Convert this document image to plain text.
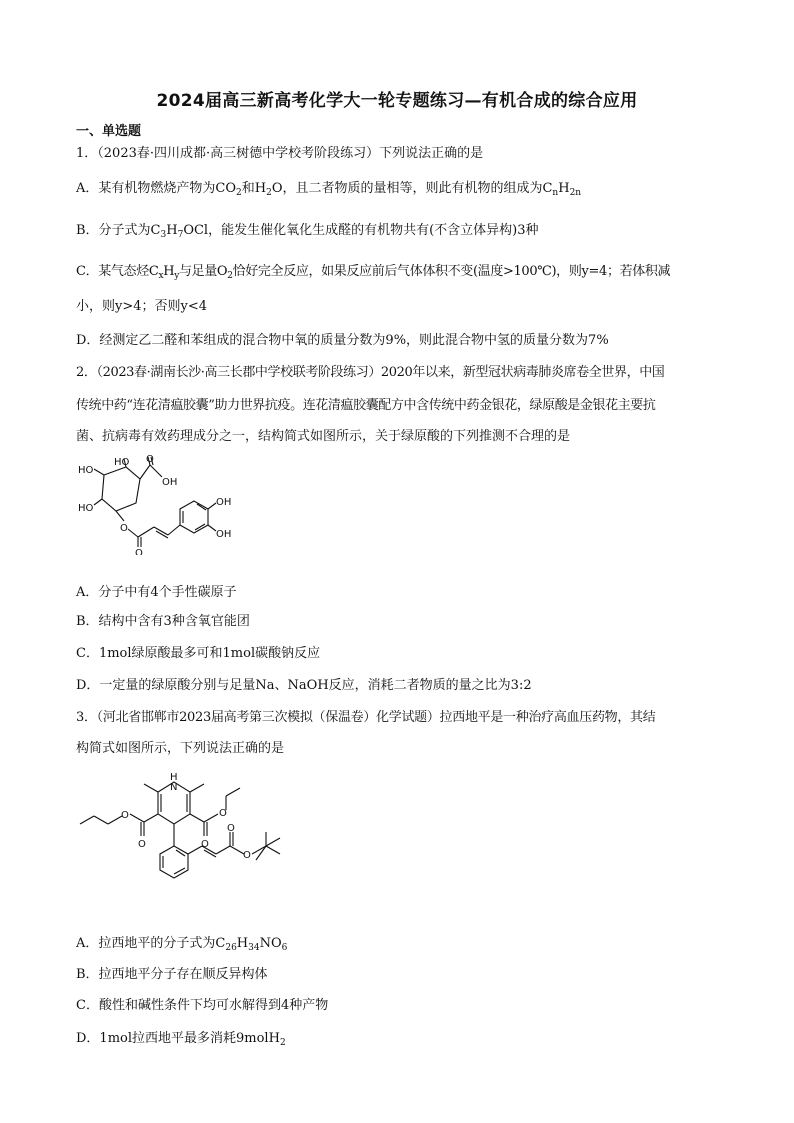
2024届高三新高考化学大一轮专题练习—有机合成的综合应用
一、单选题
1．（2023春·四川成都·高三树德中学校考阶段练习）下列说法正确的是
A．某有机物燃烧产物为$CO_2$和$H_2O$，且二者物质的量相等，则此有机物的组成为$C_nH_{2n}$
B．分子式为$C_3H_7OCl$，能发生催化氧化生成醛的有机物共有(不含立体异构)3种
C．某气态烃$C_xH_y$与足量$O_2$恰好完全反应，如果反应前后气体体积不变(温度>100℃)，则y=4；若体积减
小，则y>4；否则y<4
D．经测定乙二醛和苯组成的混合物中氧的质量分数为9%，则此混合物中氢的质量分数为7%
2．（2023春·湖南长沙·高三长郡中学校联考阶段练习）2020年以来，新型冠状病毒肺炎席卷全世界，中国
传统中药“连花清瘟胶囊”助力世界抗疫。连花清瘟胶囊配方中含传统中药金银花，绿原酸是金银花主要抗
菌、抗病毒有效药理成分之一，结构简式如图所示，关于绿原酸的下列推测不合理的是
HO O
OH
HO
HO
O
O
OH
OH
A．分子中有4个手性碳原子
B．结构中含有3种含氧官能团
C．1mol绿原酸最多可和1mol碳酸钠反应
D．一定量的绿原酸分别与足量Na、NaOH反应，消耗二者物质的量之比为3:2
3．（河北省邯郸市2023届高考第三次模拟（保温卷）化学试题）拉西地平是一种治疗高血压药物，其结
构简式如图所示，下列说法正确的是
H
N
O
O
O
O
O
O
A．拉西地平的分子式为$C_{26}H_{34}NO_6$
B．拉西地平分子存在顺反异构体
C．酸性和碱性条件下均可水解得到4种产物
D．1mol拉西地平最多消耗9molH$_2$
